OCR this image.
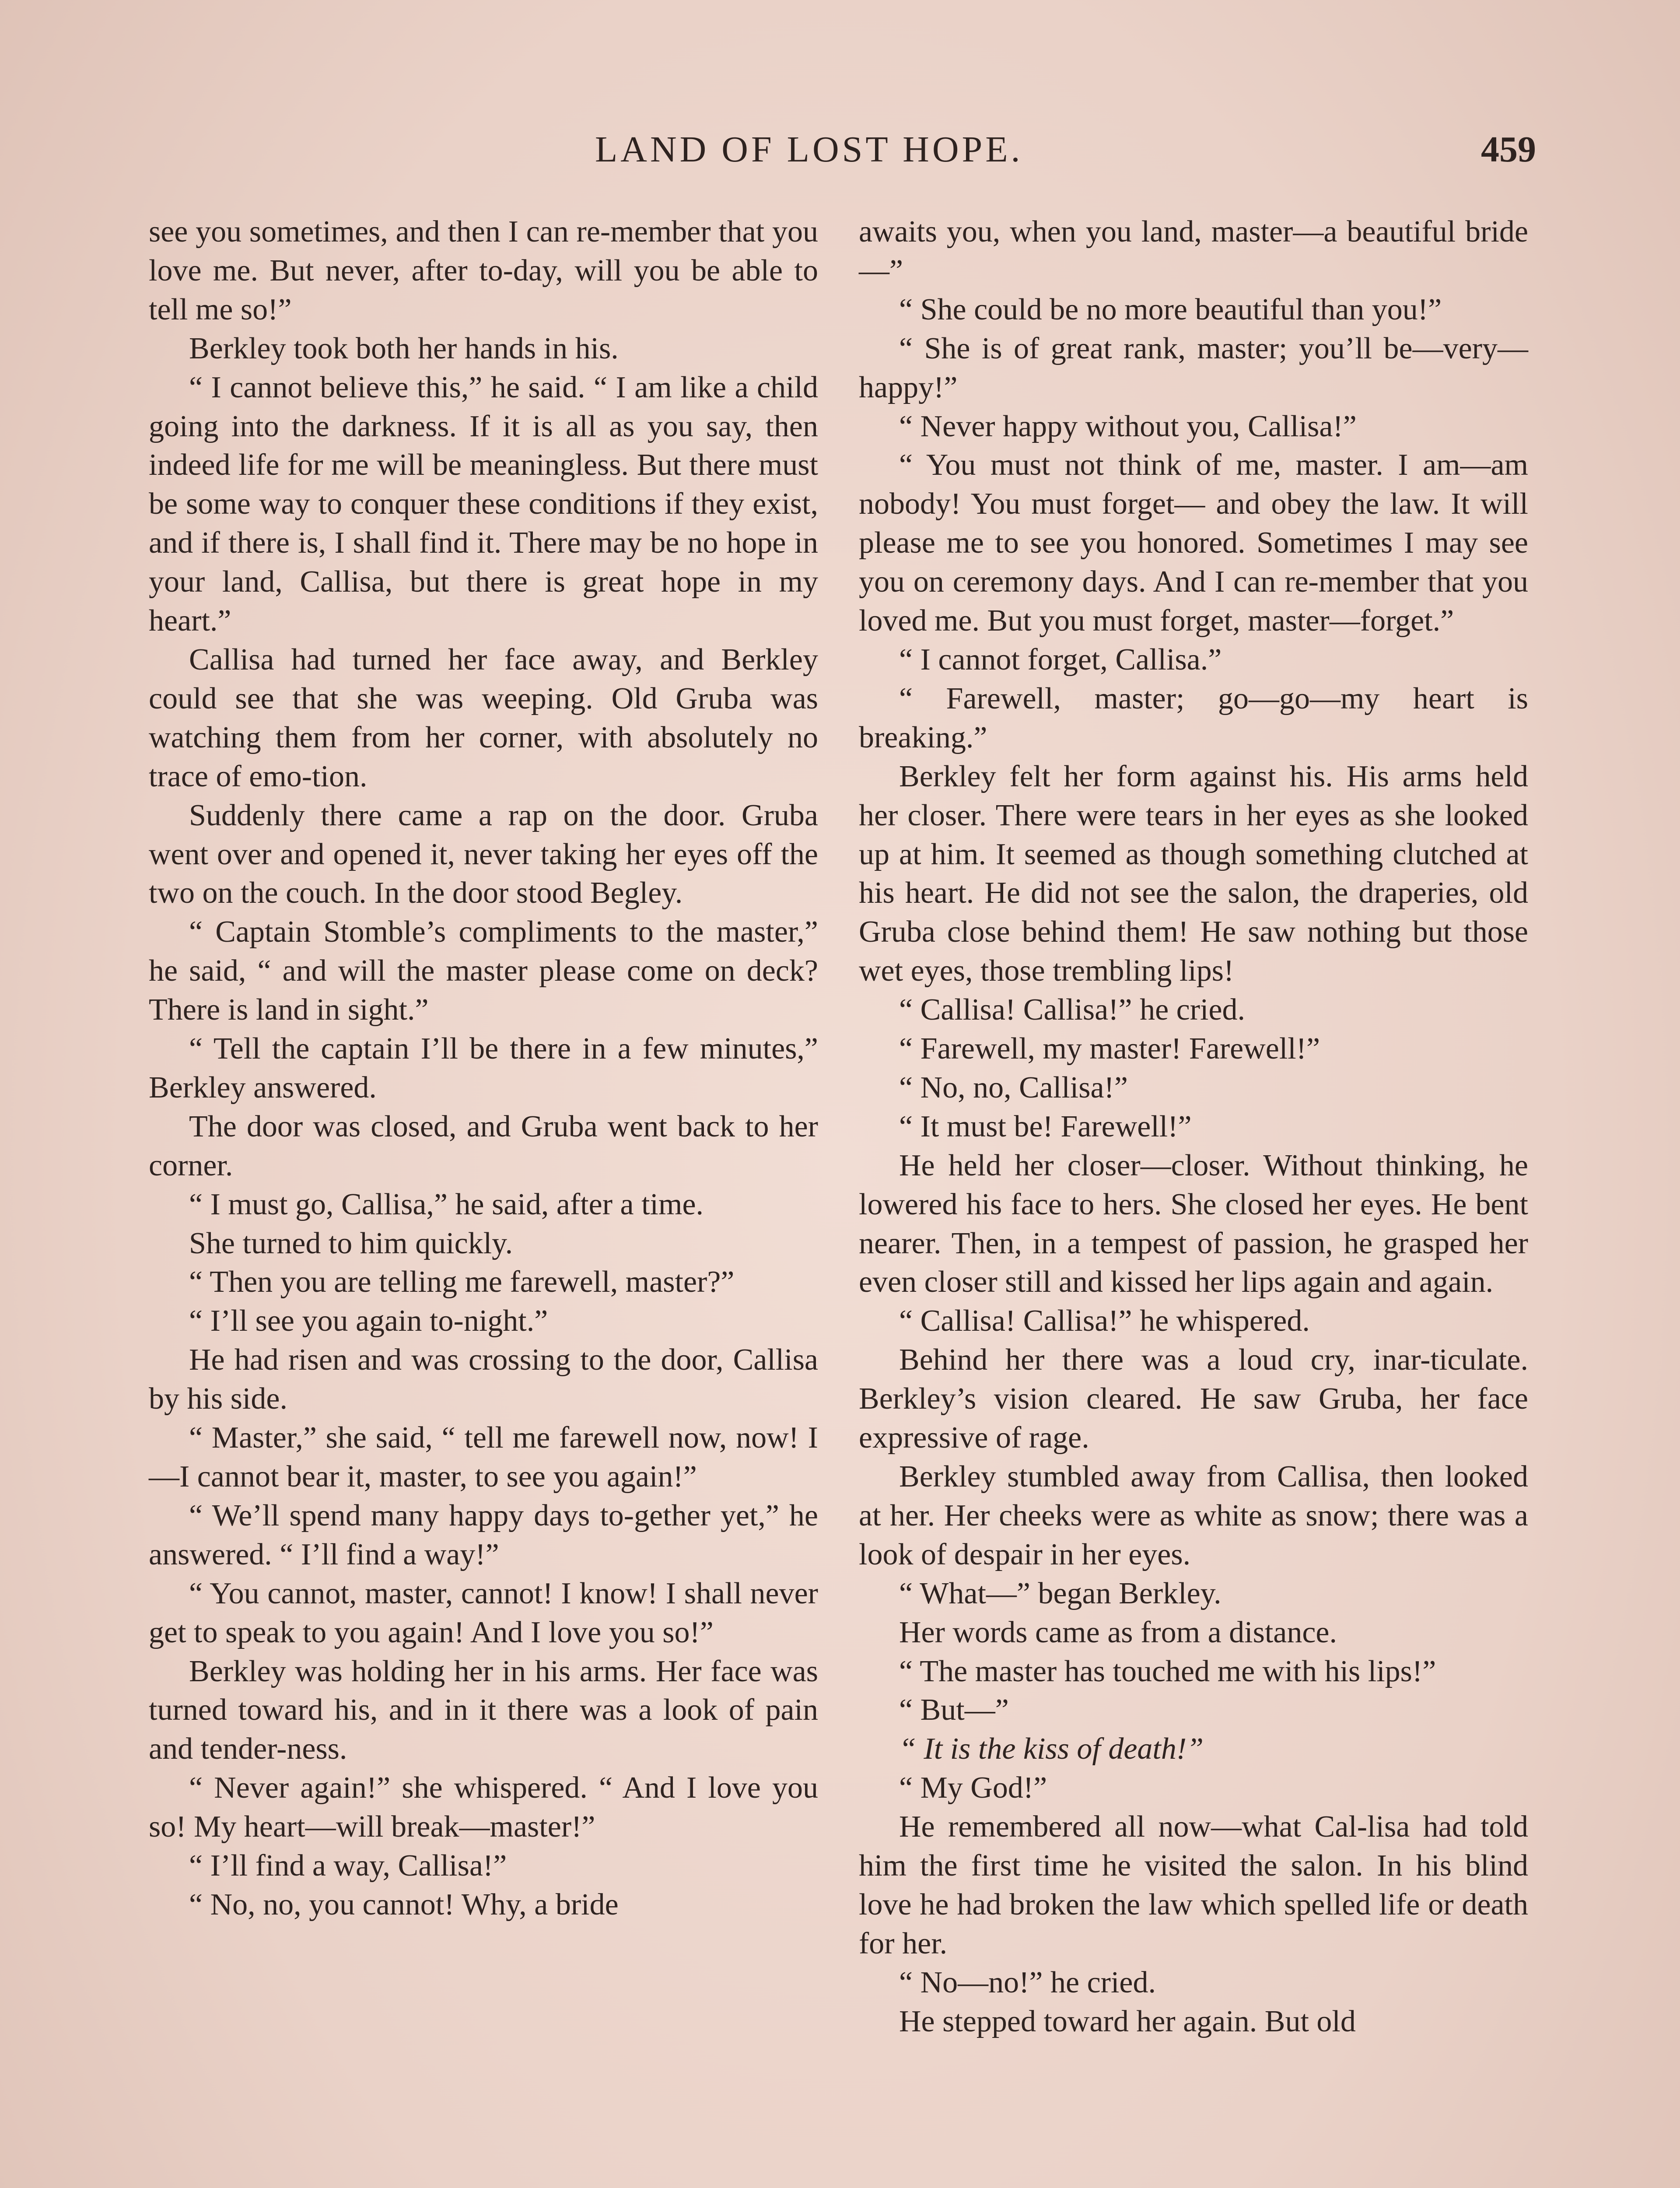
LAND OF LOST HOPE.	459

see you sometimes, and then I can re-member that you love me. But never, after to-day, will you be able to tell me so!”

Berkley took both her hands in his.

“ I cannot believe this,” he said. “ I am like a child going into the darkness. If it is all as you say, then indeed life for me will be meaningless. But there must be some way to conquer these conditions if they exist, and if there is, I shall find it. There may be no hope in your land, Callisa, but there is great hope in my heart.”

Callisa had turned her face away, and Berkley could see that she was weeping. Old Gruba was watching them from her corner, with absolutely no trace of emo-tion.

Suddenly there came a rap on the door. Gruba went over and opened it, never taking her eyes off the two on the couch. In the door stood Begley.

“ Captain Stomble’s compliments to the master,” he said, “ and will the master please come on deck? There is land in sight.”

“ Tell the captain I’ll be there in a few minutes,” Berkley answered.

The door was closed, and Gruba went back to her corner.

“ I must go, Callisa,” he said, after a time.

She turned to him quickly.

“ Then you are telling me farewell, master?”

“ I’ll see you again to-night.”

He had risen and was crossing to the door, Callisa by his side.

“ Master,” she said, “ tell me farewell now, now! I—I cannot bear it, master, to see you again!”

“ We’ll spend many happy days to-gether yet,” he answered. “ I’ll find a way!”

“ You cannot, master, cannot! I know! I shall never get to speak to you again! And I love you so!”

Berkley was holding her in his arms. Her face was turned toward his, and in it there was a look of pain and tender-ness.

“ Never again!” she whispered. “ And I love you so! My heart—will break—master!”

“ I’ll find a way, Callisa!”

“ No, no, you cannot! Why, a bride

awaits you, when you land, master—a beautiful bride—”

“ She could be no more beautiful than you!”

“ She is of great rank, master; you’ll be—very—happy!”

“ Never happy without you, Callisa!”

“ You must not think of me, master. I am—am nobody! You must forget— and obey the law. It will please me to see you honored. Sometimes I may see you on ceremony days. And I can re-member that you loved me. But you must forget, master—forget.”

“ I cannot forget, Callisa.”

“ Farewell, master; go—go—my heart is breaking.”

Berkley felt her form against his. His arms held her closer. There were tears in her eyes as she looked up at him. It seemed as though something clutched at his heart. He did not see the salon, the draperies, old Gruba close behind them! He saw nothing but those wet eyes, those trembling lips!

“ Callisa! Callisa!” he cried.

“ Farewell, my master! Farewell!”

“ No, no, Callisa!”

“ It must be! Farewell!”

He held her closer—closer. Without thinking, he lowered his face to hers. She closed her eyes. He bent nearer. Then, in a tempest of passion, he grasped her even closer still and kissed her lips again and again.

“ Callisa! Callisa!” he whispered.

Behind her there was a loud cry, inar-ticulate. Berkley’s vision cleared. He saw Gruba, her face expressive of rage.

Berkley stumbled away from Callisa, then looked at her. Her cheeks were as white as snow; there was a look of despair in her eyes.

“ What—” began Berkley.

Her words came as from a distance.

“ The master has touched me with his lips!”

“ But—”

“ It is the kiss of death!”

“ My God!”

He remembered all now—what Cal-lisa had told him the first time he visited the salon. In his blind love he had broken the law which spelled life or death for her.

“ No—no!” he cried.

He stepped toward her again. But old
